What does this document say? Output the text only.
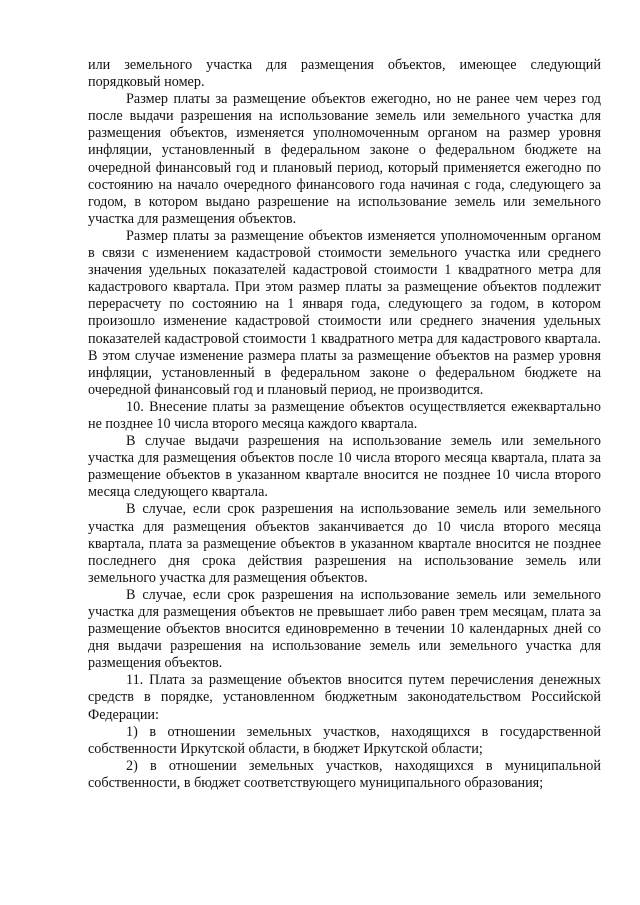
или земельного участка для размещения объектов, имеющее следующий порядковый номер.

Размер платы за размещение объектов ежегодно, но не ранее чем через год после выдачи разрешения на использование земель или земельного участка для размещения объектов, изменяется уполномоченным органом на размер уровня инфляции, установленный в федеральном законе о федеральном бюджете на очередной финансовый год и плановый период, который применяется ежегодно по состоянию на начало очередного финансового года начиная с года, следующего за годом, в котором выдано разрешение на использование земель или земельного участка для размещения объектов.

Размер платы за размещение объектов изменяется уполномоченным органом в связи с изменением кадастровой стоимости земельного участка или среднего значения удельных показателей кадастровой стоимости 1 квадратного метра для кадастрового квартала. При этом размер платы за размещение объектов подлежит перерасчету по состоянию на 1 января года, следующего за годом, в котором произошло изменение кадастровой стоимости или среднего значения удельных показателей кадастровой стоимости 1 квадратного метра для кадастрового квартала. В этом случае изменение размера платы за размещение объектов на размер уровня инфляции, установленный в федеральном законе о федеральном бюджете на очередной финансовый год и плановый период, не производится.

10. Внесение платы за размещение объектов осуществляется ежеквартально не позднее 10 числа второго месяца каждого квартала.

В случае выдачи разрешения на использование земель или земельного участка для размещения объектов после 10 числа второго месяца квартала, плата за размещение объектов в указанном квартале вносится не позднее 10 числа второго месяца следующего квартала.

В случае, если срок разрешения на использование земель или земельного участка для размещения объектов заканчивается до 10 числа второго месяца квартала, плата за размещение объектов в указанном квартале вносится не позднее последнего дня срока действия разрешения на использование земель или земельного участка для размещения объектов.

В случае, если срок разрешения на использование земель или земельного участка для размещения объектов не превышает либо равен трем месяцам, плата за размещение объектов вносится единовременно в течении 10 календарных дней со дня выдачи разрешения на использование земель или земельного участка для размещения объектов.

11. Плата за размещение объектов вносится путем перечисления денежных средств в порядке, установленном бюджетным законодательством Российской Федерации:

1) в отношении земельных участков, находящихся в государственной собственности Иркутской области, в бюджет Иркутской области;

2) в отношении земельных участков, находящихся в муниципальной собственности, в бюджет соответствующего муниципального образования;
